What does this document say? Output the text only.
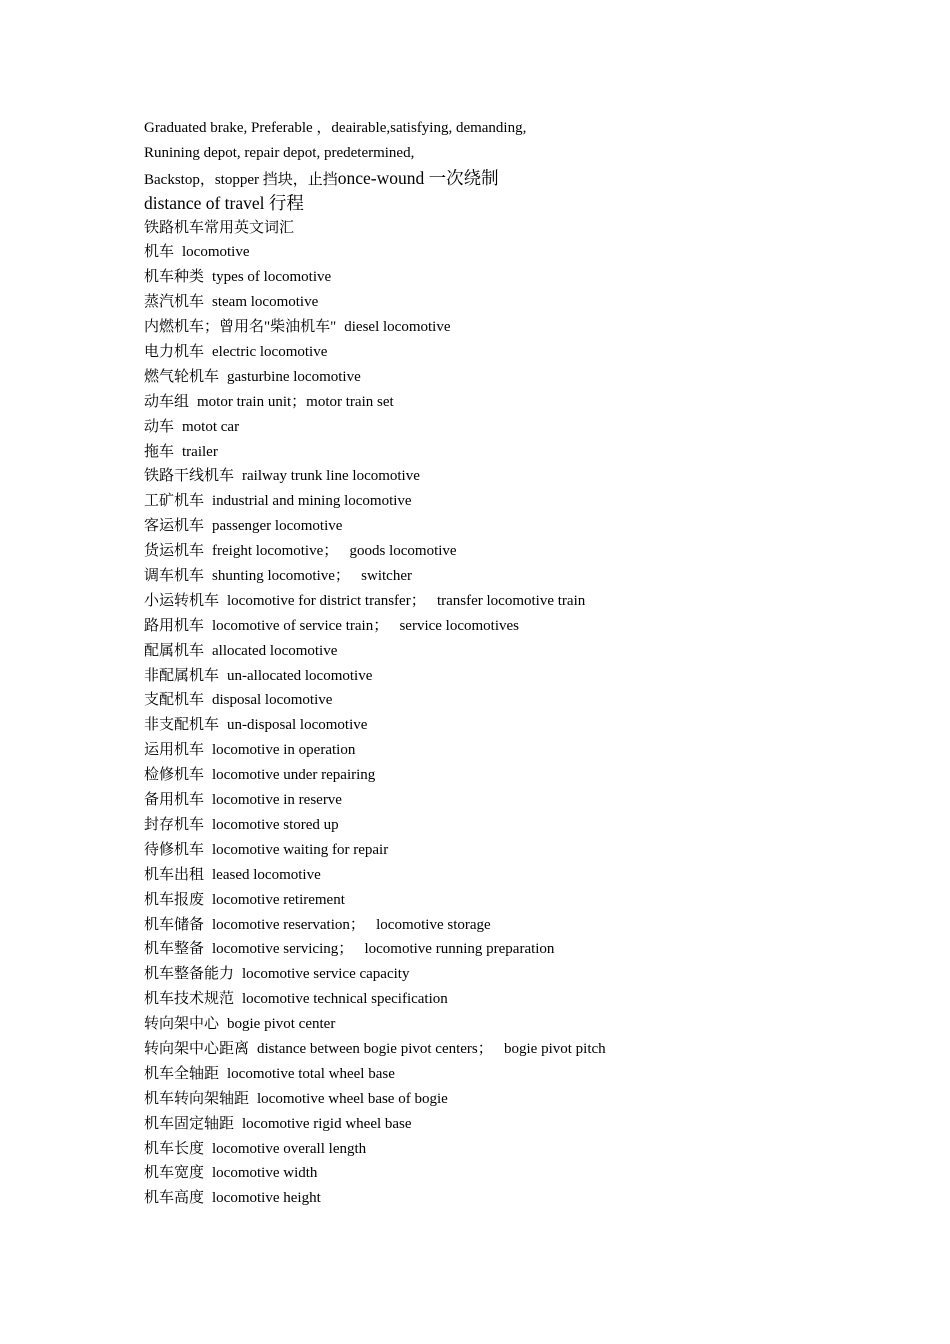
Graduated brake, Preferable ，deairable,satisfying, demanding,
Runining depot, repair depot, predetermined,
Backstop，stopper 挡块，止挡once-wound 一次绕制
distance of travel 行程
铁路机车常用英文词汇
机车 locomotive
机车种类 types of locomotive
蒸汽机车 steam locomotive
内燃机车；曾用名"柴油机车" diesel locomotive
电力机车 electric locomotive
燃气轮机车 gasturbine locomotive
动车组 motor train unit；motor train set
动车 motot car
拖车 trailer
铁路干线机车 railway trunk line locomotive
工矿机车 industrial and mining locomotive
客运机车 passenger locomotive
货运机车 freight locomotive；   goods locomotive
调车机车 shunting locomotive；   switcher
小运转机车 locomotive for district transfer；   transfer locomotive train
路用机车 locomotive of service train；   service locomotives
配属机车 allocated locomotive
非配属机车 un-allocated locomotive
支配机车 disposal locomotive
非支配机车 un-disposal locomotive
运用机车 locomotive in operation
检修机车 locomotive under repairing
备用机车 locomotive in reserve
封存机车 locomotive stored up
待修机车 locomotive waiting for repair
机车出租 leased locomotive
机车报废 locomotive retirement
机车储备 locomotive reservation；   locomotive storage
机车整备 locomotive servicing；   locomotive running preparation
机车整备能力 locomotive service capacity
机车技术规范 locomotive technical specification
转向架中心 bogie pivot center
转向架中心距离 distance between bogie pivot centers；   bogie pivot pitch
机车全轴距 locomotive total wheel base
机车转向架轴距 locomotive wheel base of bogie
机车固定轴距 locomotive rigid wheel base
机车长度 locomotive overall length
机车宽度 locomotive width
机车高度 locomotive height
